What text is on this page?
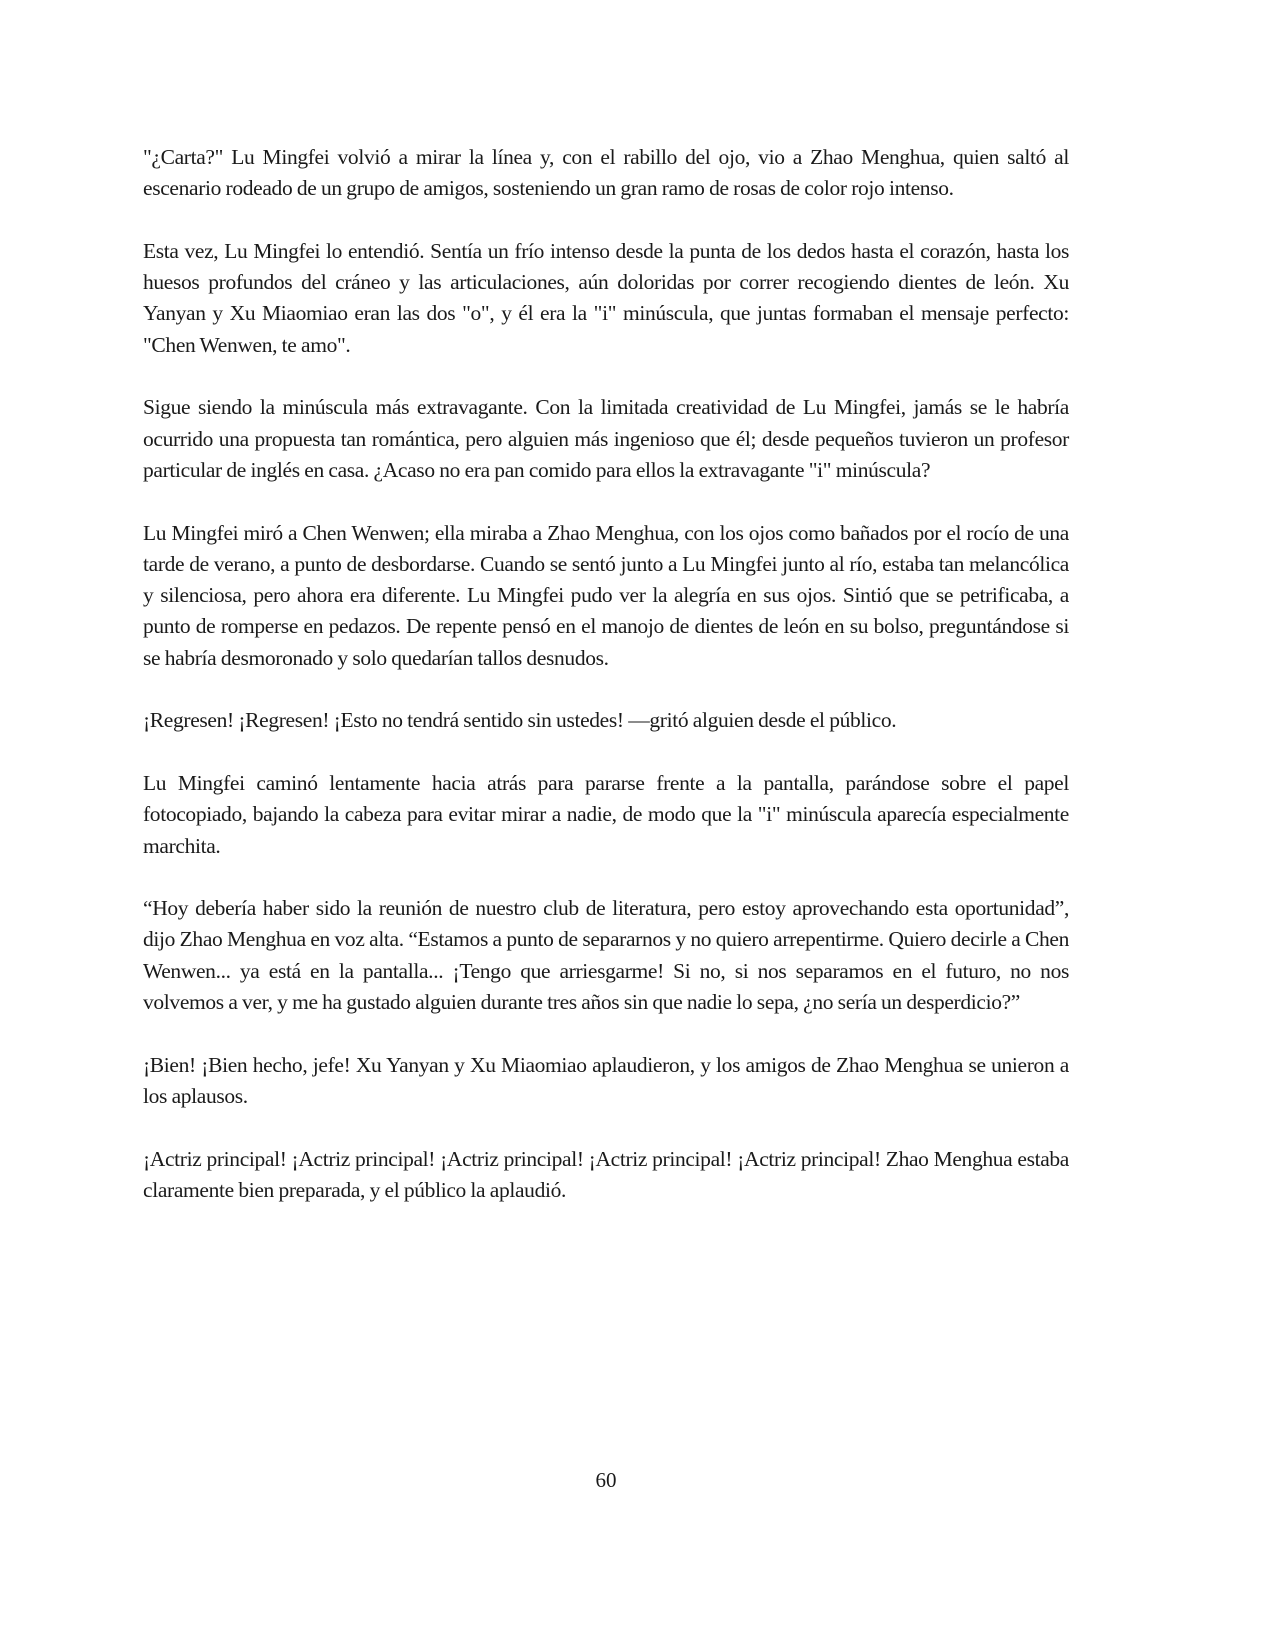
"¿Carta?" Lu Mingfei volvió a mirar la línea y, con el rabillo del ojo, vio a Zhao Menghua, quien saltó al escenario rodeado de un grupo de amigos, sosteniendo un gran ramo de rosas de color rojo intenso.

Esta vez, Lu Mingfei lo entendió. Sentía un frío intenso desde la punta de los dedos hasta el corazón, hasta los huesos profundos del cráneo y las articulaciones, aún doloridas por correr recogiendo dientes de león. Xu Yanyan y Xu Miaomiao eran las dos "o", y él era la "i" minúscula, que juntas formaban el mensaje perfecto: "Chen Wenwen, te amo".

Sigue siendo la minúscula más extravagante. Con la limitada creatividad de Lu Mingfei, jamás se le habría ocurrido una propuesta tan romántica, pero alguien más ingenioso que él; desde pequeños tuvieron un profesor particular de inglés en casa. ¿Acaso no era pan comido para ellos la extravagante "i" minúscula?

Lu Mingfei miró a Chen Wenwen; ella miraba a Zhao Menghua, con los ojos como bañados por el rocío de una tarde de verano, a punto de desbordarse. Cuando se sentó junto a Lu Mingfei junto al río, estaba tan melancólica y silenciosa, pero ahora era diferente. Lu Mingfei pudo ver la alegría en sus ojos. Sintió que se petrificaba, a punto de romperse en pedazos. De repente pensó en el manojo de dientes de león en su bolso, preguntándose si se habría desmoronado y solo quedarían tallos desnudos.

¡Regresen! ¡Regresen! ¡Esto no tendrá sentido sin ustedes! —gritó alguien desde el público.

Lu Mingfei caminó lentamente hacia atrás para pararse frente a la pantalla, parándose sobre el papel fotocopiado, bajando la cabeza para evitar mirar a nadie, de modo que la "i" minúscula aparecía especialmente marchita.

“Hoy debería haber sido la reunión de nuestro club de literatura, pero estoy aprovechando esta oportunidad”, dijo Zhao Menghua en voz alta. “Estamos a punto de separarnos y no quiero arrepentirme. Quiero decirle a Chen Wenwen... ya está en la pantalla... ¡Tengo que arriesgarme! Si no, si nos separamos en el futuro, no nos volvemos a ver, y me ha gustado alguien durante tres años sin que nadie lo sepa, ¿no sería un desperdicio?”

¡Bien! ¡Bien hecho, jefe! Xu Yanyan y Xu Miaomiao aplaudieron, y los amigos de Zhao Menghua se unieron a los aplausos.

¡Actriz principal! ¡Actriz principal! ¡Actriz principal! ¡Actriz principal! ¡Actriz principal! Zhao Menghua estaba claramente bien preparada, y el público la aplaudió.

60
